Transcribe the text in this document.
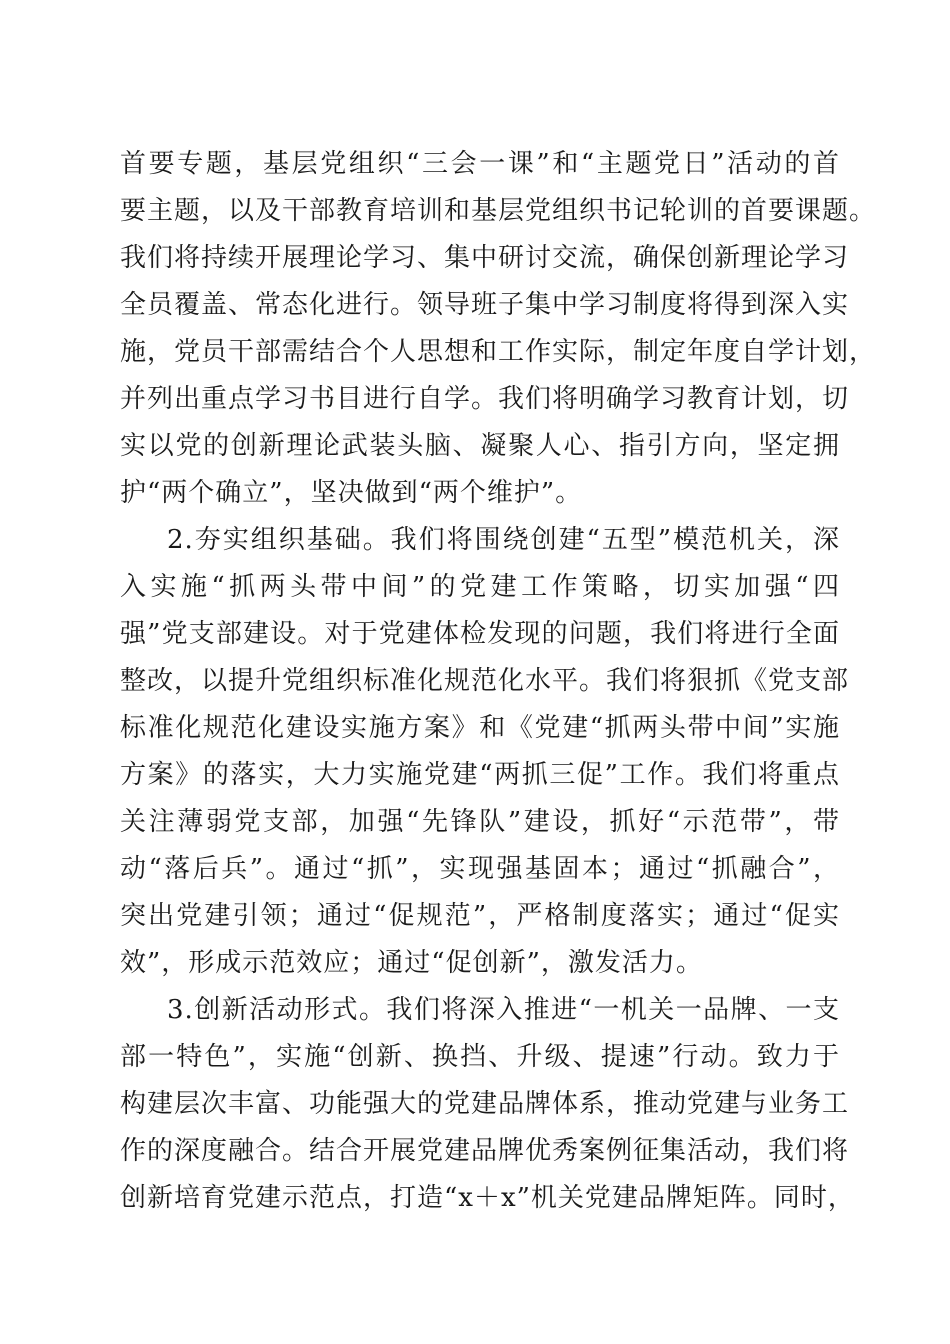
首要专题，基层党组织“三会一课”和“主题党日”活动的首
要主题，以及干部教育培训和基层党组织书记轮训的首要课题。
我们将持续开展理论学习、集中研讨交流，确保创新理论学习
全员覆盖、常态化进行。领导班子集中学习制度将得到深入实
施，党员干部需结合个人思想和工作实际，制定年度自学计划，
并列出重点学习书目进行自学。我们将明确学习教育计划，切
实以党的创新理论武装头脑、凝聚人心、指引方向，坚定拥
护“两个确立”，坚决做到“两个维护”。
2.夯实组织基础。我们将围绕创建“五型”模范机关，深
入实施“抓两头带中间”的党建工作策略，切实加强“四
强”党支部建设。对于党建体检发现的问题，我们将进行全面
整改，以提升党组织标准化规范化水平。我们将狠抓《党支部
标准化规范化建设实施方案》和《党建“抓两头带中间”实施
方案》的落实，大力实施党建“两抓三促”工作。我们将重点
关注薄弱党支部，加强“先锋队”建设，抓好“示范带”，带
动“落后兵”。通过“抓”，实现强基固本；通过“抓融合”，
突出党建引领；通过“促规范”，严格制度落实；通过“促实
效”，形成示范效应；通过“促创新”，激发活力。
3.创新活动形式。我们将深入推进“一机关一品牌、一支
部一特色”，实施“创新、换挡、升级、提速”行动。致力于
构建层次丰富、功能强大的党建品牌体系，推动党建与业务工
作的深度融合。结合开展党建品牌优秀案例征集活动，我们将
创新培育党建示范点，打造“x＋x”机关党建品牌矩阵。同时，
